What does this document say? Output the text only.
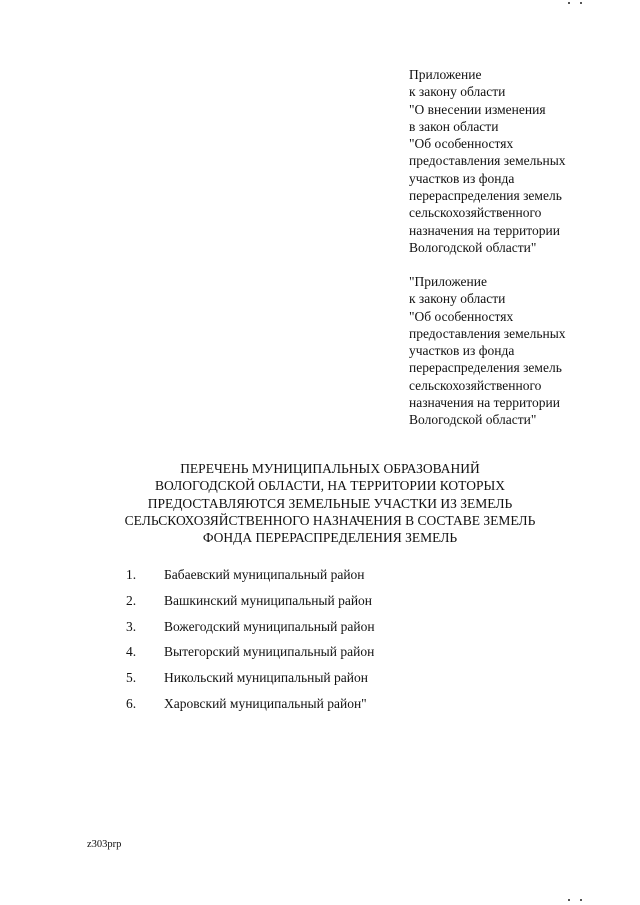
Приложение
к закону области
"О внесении изменения
в закон области
"Об особенностях
предоставления земельных
участков из фонда
перераспределения земель
сельскохозяйственного
назначения на территории
Вологодской области"
"Приложение
к закону области
"Об особенностях
предоставления земельных
участков из фонда
перераспределения земель
сельскохозяйственного
назначения на территории
Вологодской области"
ПЕРЕЧЕНЬ МУНИЦИПАЛЬНЫХ ОБРАЗОВАНИЙ
ВОЛОГОДСКОЙ ОБЛАСТИ, НА ТЕРРИТОРИИ КОТОРЫХ
ПРЕДОСТАВЛЯЮТСЯ ЗЕМЕЛЬНЫЕ УЧАСТКИ ИЗ ЗЕМЕЛЬ
СЕЛЬСКОХОЗЯЙСТВЕННОГО НАЗНАЧЕНИЯ В СОСТАВЕ ЗЕМЕЛЬ
ФОНДА ПЕРЕРАСПРЕДЕЛЕНИЯ ЗЕМЕЛЬ
1.	Бабаевский муниципальный район
2.	Вашкинский муниципальный район
3.	Вожегодский муниципальный район
4.	Вытегорский муниципальный район
5.	Никольский муниципальный район
6.	Харовский муниципальный район"
z303prp
